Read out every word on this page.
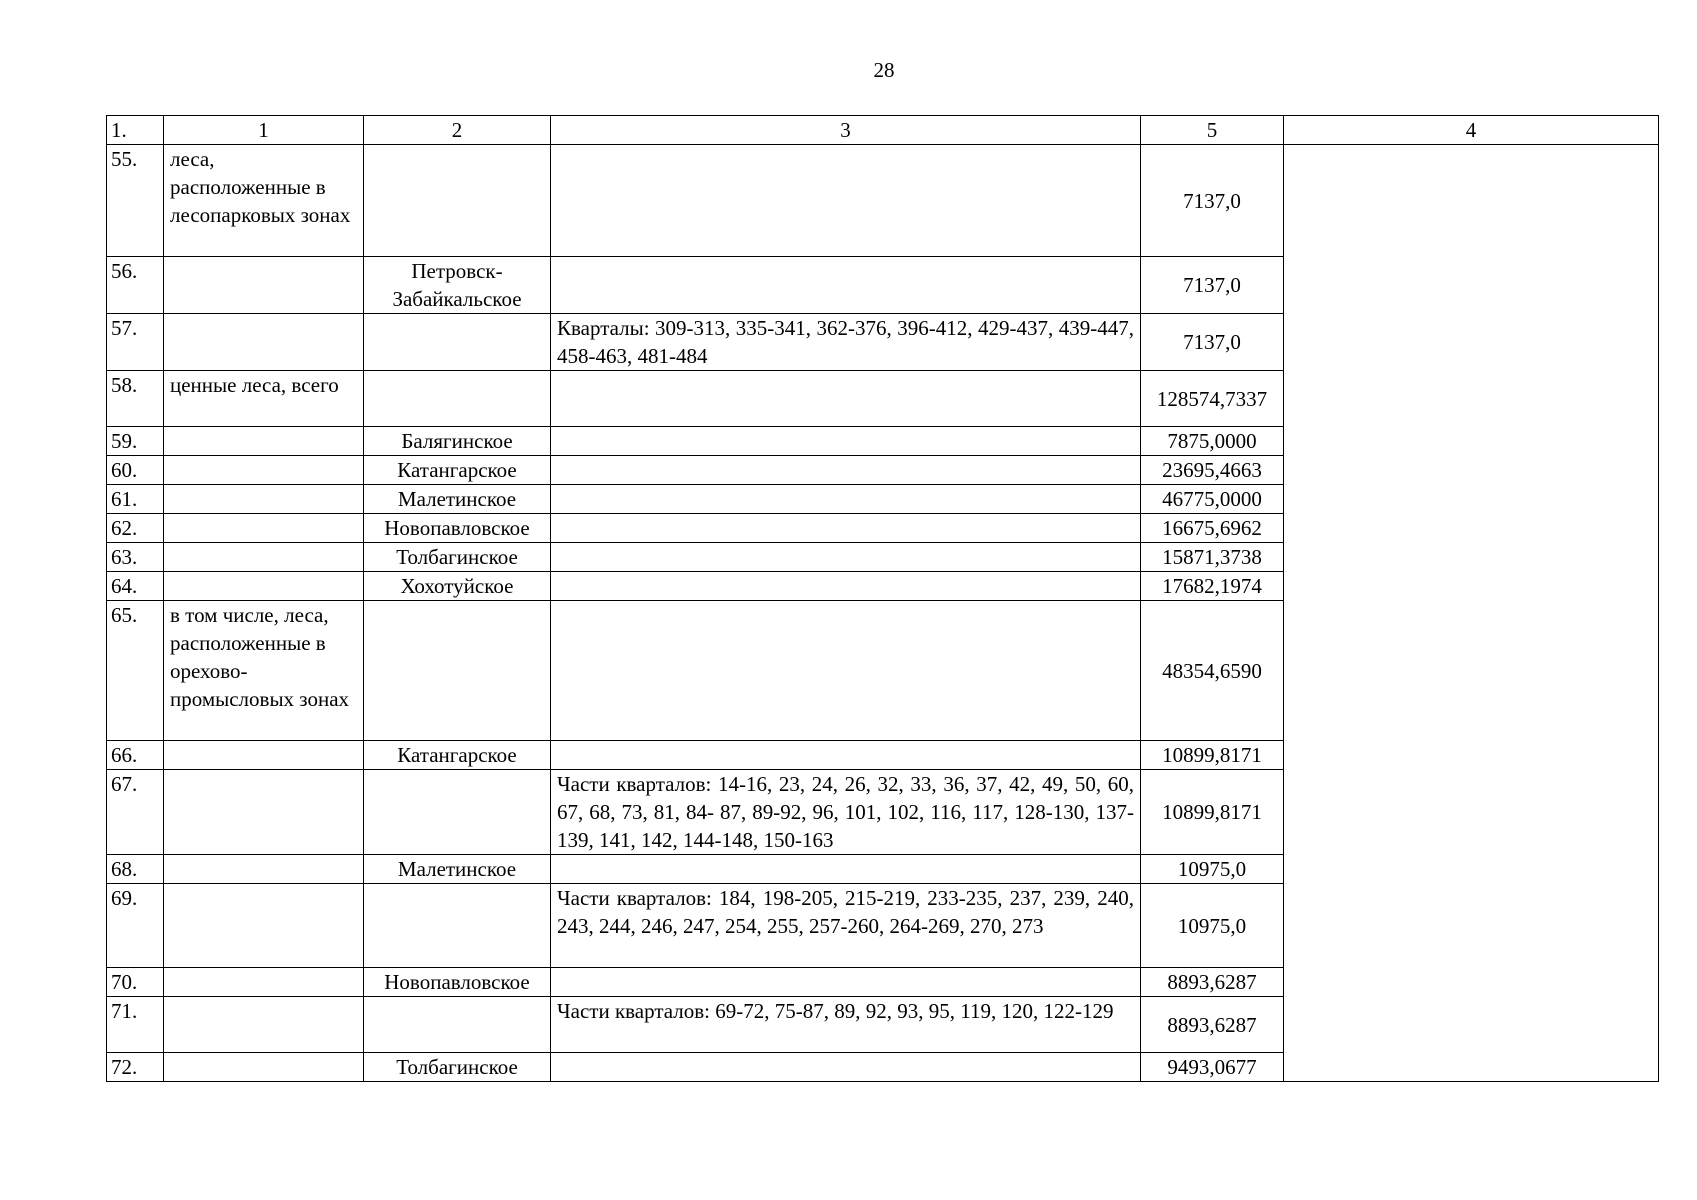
28
1.	1	2	3	5	4
55.	леса, расположенные в лесопарковых зонах			7137,0	
56.		Петровск-Забайкальское		7137,0	
57.			Кварталы: 309-313, 335-341, 362-376, 396-412, 429-437, 439-447, 458-463, 481-484	7137,0	
58.	ценные леса, всего			128574,7337	
59.		Балягинское		7875,0000	
60.		Катангарское		23695,4663	
61.		Малетинское		46775,0000	
62.		Новопавловское		16675,6962	
63.		Толбагинское		15871,3738	
64.		Хохотуйское		17682,1974	
65.	в том числе, леса, расположенные в орехово-промысловых зонах			48354,6590	
66.		Катангарское		10899,8171	
67.			Части кварталов: 14-16, 23, 24, 26, 32, 33, 36, 37, 42, 49, 50, 60, 67, 68, 73, 81, 84- 87, 89-92, 96, 101, 102, 116, 117, 128-130, 137-139, 141, 142, 144-148, 150-163	10899,8171	
68.		Малетинское		10975,0	
69.			Части кварталов: 184, 198-205, 215-219, 233-235, 237, 239, 240, 243, 244, 246, 247, 254, 255, 257-260, 264-269, 270, 273	10975,0	
70.		Новопавловское		8893,6287	
71.			Части кварталов: 69-72, 75-87, 89, 92, 93, 95, 119, 120, 122-129	8893,6287	
72.		Толбагинское		9493,0677	
